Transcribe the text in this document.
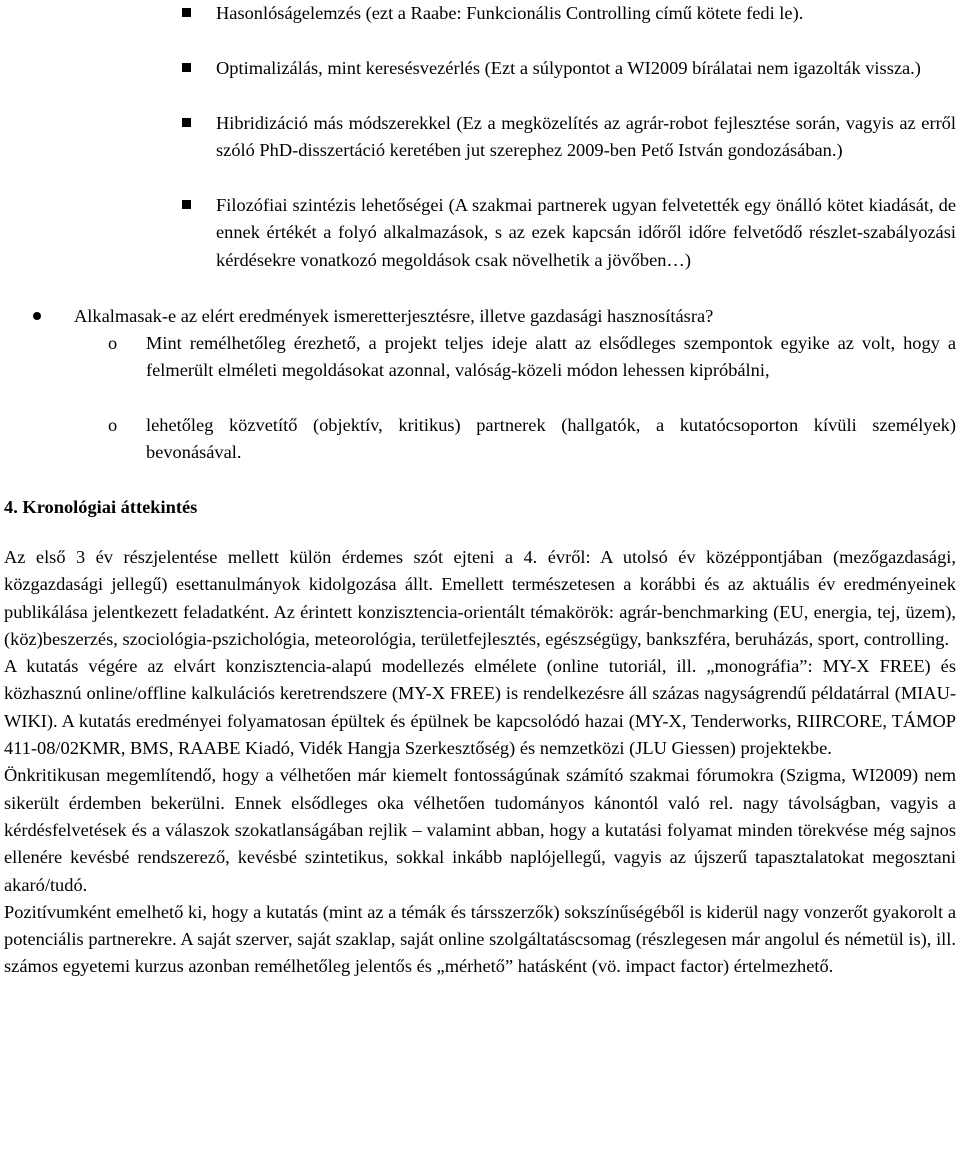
Hasonlóságelemzés (ezt a Raabe: Funkcionális Controlling című kötete fedi le).
Optimalizálás, mint keresésvezérlés (Ezt a súlypontot a WI2009 bírálatai nem igazolták vissza.)
Hibridizáció más módszerekkel (Ez a megközelítés az agrár-robot fejlesztése során, vagyis az erről szóló PhD-disszertáció keretében jut szerephez 2009-ben Pető István gondozásában.)
Filozófiai szintézis lehetőségei (A szakmai partnerek ugyan felvetették egy önálló kötet kiadását, de ennek értékét a folyó alkalmazások, s az ezek kapcsán időről időre felvetődő részlet-szabályozási kérdésekre vonatkozó megoldások csak növelhetik a jövőben…)
Alkalmasak-e az elért eredmények ismeretterjesztésre, illetve gazdasági hasznosításra?
o Mint remélhetőleg érezhető, a projekt teljes ideje alatt az elsődleges szempontok egyike az volt, hogy a felmerült elméleti megoldásokat azonnal, valóság-közeli módon lehessen kipróbálni,
o lehetőleg közvetítő (objektív, kritikus) partnerek (hallgatók, a kutatócsoporton kívüli személyek) bevonásával.
4. Kronológiai áttekintés

Az első 3 év részjelentése mellett külön érdemes szót ejteni a 4. évről: A utolsó év középpontjában (mezőgazdasági, közgazdasági jellegű) esettanulmányok kidolgozása állt. Emellett természetesen a korábbi és az aktuális év eredményeinek publikálása jelentkezett feladatként. Az érintett konzisztencia-orientált témakörök: agrár-benchmarking (EU, energia, tej, üzem), (köz)beszerzés, szociológia-pszichológia, meteorológia, területfejlesztés, egészségügy, bankszféra, beruházás, sport, controlling.

A kutatás végére az elvárt konzisztencia-alapú modellezés elmélete (online tutoriál, ill. „monográfia”: MY-X FREE) és közhasznú online/offline kalkulációs keretrendszere (MY-X FREE) is rendelkezésre áll százas nagyságrendű példatárral (MIAU-WIKI). A kutatás eredményei folyamatosan épültek és épülnek be kapcsolódó hazai (MY-X, Tenderworks, RIIRCORE, TÁMOP 411-08/02KMR, BMS, RAABE Kiadó, Vidék Hangja Szerkesztőség) és nemzetközi (JLU Giessen) projektekbe.

Önkritikusan megemlítendő, hogy a vélhetően már kiemelt fontosságúnak számító szakmai fórumokra (Szigma, WI2009) nem sikerült érdemben bekerülni. Ennek elsődleges oka vélhetően tudományos kánontól való rel. nagy távolságban, vagyis a kérdésfelvetések és a válaszok szokatlanságában rejlik – valamint abban, hogy a kutatási folyamat minden törekvése még sajnos ellenére kevésbé rendszerező, kevésbé szintetikus, sokkal inkább naplójellegű, vagyis az újszerű tapasztalatokat megosztani akaró/tudó.

Pozitívumként emelhető ki, hogy a kutatás (mint az a témák és társszerzők) sokszínűségéből is kiderül nagy vonzerőt gyakorolt a potenciális partnerekre. A saját szerver, saját szaklap, saját online szolgáltatáscsomag (részlegesen már angolul és németül is), ill. számos egyetemi kurzus azonban remélhetőleg jelentős és „mérhető” hatásként (vö. impact factor) értelmezhető.
